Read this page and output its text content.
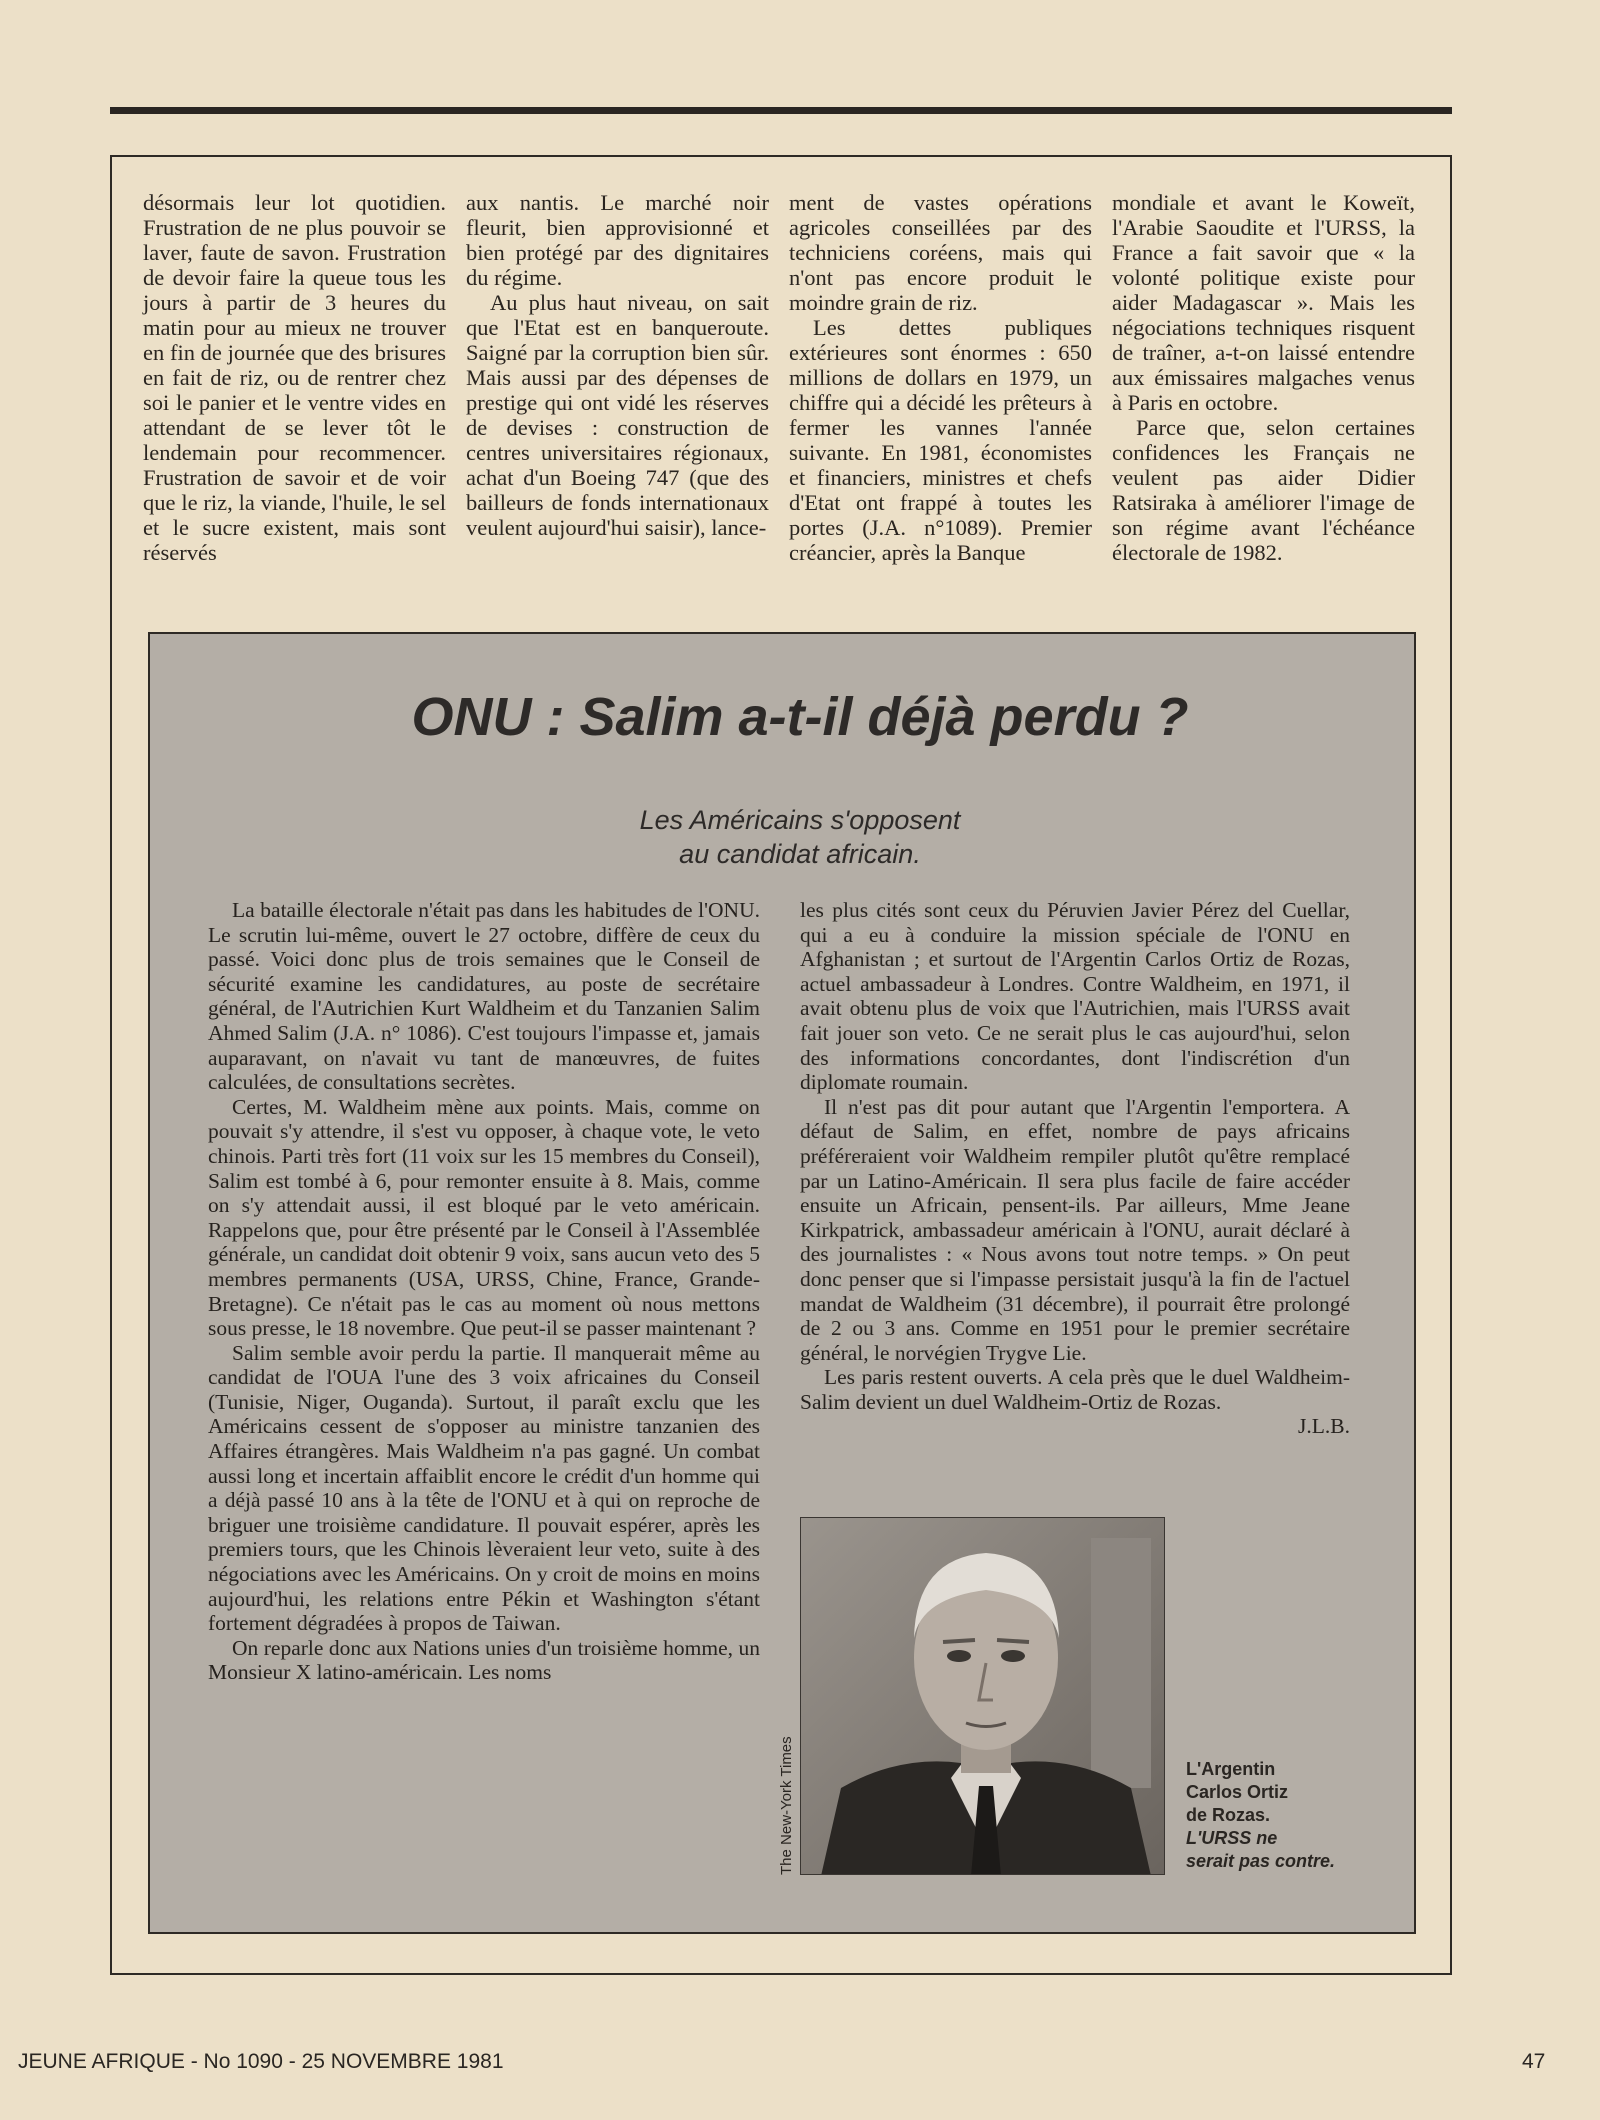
désormais leur lot quotidien. Frustration de ne plus pouvoir se laver, faute de savon. Frustration de devoir faire la queue tous les jours à partir de 3 heures du matin pour au mieux ne trouver en fin de journée que des brisures en fait de riz, ou de rentrer chez soi le panier et le ventre vides en attendant de se lever tôt le lendemain pour recommencer. Frustration de savoir et de voir que le riz, la viande, l'huile, le sel et le sucre existent, mais sont réservés

aux nantis. Le marché noir fleurit, bien approvisionné et bien protégé par des dignitaires du régime.

Au plus haut niveau, on sait que l'Etat est en banqueroute. Saigné par la corruption bien sûr. Mais aussi par des dépenses de prestige qui ont vidé les réserves de devises : construction de centres universitaires régionaux, achat d'un Boeing 747 (que des bailleurs de fonds internationaux veulent aujourd'hui saisir), lance-

ment de vastes opérations agricoles conseillées par des techniciens coréens, mais qui n'ont pas encore produit le moindre grain de riz.

Les dettes publiques extérieures sont énormes : 650 millions de dollars en 1979, un chiffre qui a décidé les prêteurs à fermer les vannes l'année suivante. En 1981, économistes et financiers, ministres et chefs d'Etat ont frappé à toutes les portes (J.A. n°1089). Premier créancier, après la Banque

mondiale et avant le Koweït, l'Arabie Saoudite et l'URSS, la France a fait savoir que « la volonté politique existe pour aider Madagascar ». Mais les négociations techniques risquent de traîner, a-t-on laissé entendre aux émissaires malgaches venus à Paris en octobre.

Parce que, selon certaines confidences les Français ne veulent pas aider Didier Ratsiraka à améliorer l'image de son régime avant l'échéance électorale de 1982.

ONU : Salim a-t-il déjà perdu ?
Les Américains s'opposent
au candidat africain.

La bataille électorale n'était pas dans les habitudes de l'ONU. Le scrutin lui-même, ouvert le 27 octobre, diffère de ceux du passé. Voici donc plus de trois semaines que le Conseil de sécurité examine les candidatures, au poste de secrétaire général, de l'Autrichien Kurt Waldheim et du Tanzanien Salim Ahmed Salim (J.A. n° 1086). C'est toujours l'impasse et, jamais auparavant, on n'avait vu tant de manœuvres, de fuites calculées, de consultations secrètes.

Certes, M. Waldheim mène aux points. Mais, comme on pouvait s'y attendre, il s'est vu opposer, à chaque vote, le veto chinois. Parti très fort (11 voix sur les 15 membres du Conseil), Salim est tombé à 6, pour remonter ensuite à 8. Mais, comme on s'y attendait aussi, il est bloqué par le veto américain. Rappelons que, pour être présenté par le Conseil à l'Assemblée générale, un candidat doit obtenir 9 voix, sans aucun veto des 5 membres permanents (USA, URSS, Chine, France, Grande-Bretagne). Ce n'était pas le cas au moment où nous mettons sous presse, le 18 novembre. Que peut-il se passer maintenant ?

Salim semble avoir perdu la partie. Il manquerait même au candidat de l'OUA l'une des 3 voix africaines du Conseil (Tunisie, Niger, Ouganda). Surtout, il paraît exclu que les Américains cessent de s'opposer au ministre tanzanien des Affaires étrangères. Mais Waldheim n'a pas gagné. Un combat aussi long et incertain affaiblit encore le crédit d'un homme qui a déjà passé 10 ans à la tête de l'ONU et à qui on reproche de briguer une troisième candidature. Il pouvait espérer, après les premiers tours, que les Chinois lèveraient leur veto, suite à des négociations avec les Américains. On y croit de moins en moins aujourd'hui, les relations entre Pékin et Washington s'étant fortement dégradées à propos de Taiwan.

On reparle donc aux Nations unies d'un troisième homme, un Monsieur X latino-américain. Les noms

les plus cités sont ceux du Péruvien Javier Pérez del Cuellar, qui a eu à conduire la mission spéciale de l'ONU en Afghanistan ; et surtout de l'Argentin Carlos Ortiz de Rozas, actuel ambassadeur à Londres. Contre Waldheim, en 1971, il avait obtenu plus de voix que l'Autrichien, mais l'URSS avait fait jouer son veto. Ce ne serait plus le cas aujourd'hui, selon des informations concordantes, dont l'indiscrétion d'un diplomate roumain.

Il n'est pas dit pour autant que l'Argentin l'emportera. A défaut de Salim, en effet, nombre de pays africains préféreraient voir Waldheim rempiler plutôt qu'être remplacé par un Latino-Américain. Il sera plus facile de faire accéder ensuite un Africain, pensent-ils. Par ailleurs, Mme Jeane Kirkpatrick, ambassadeur américain à l'ONU, aurait déclaré à des journalistes : « Nous avons tout notre temps. » On peut donc penser que si l'impasse persistait jusqu'à la fin de l'actuel mandat de Waldheim (31 décembre), il pourrait être prolongé de 2 ou 3 ans. Comme en 1951 pour le premier secrétaire général, le norvégien Trygve Lie.

Les paris restent ouverts. A cela près que le duel Waldheim-Salim devient un duel Waldheim-Ortiz de Rozas.

J.L.B.

The New-York Times	L'Argentin
Carlos Ortiz
de Rozas.
L'URSS ne
serait pas contre.
JEUNE AFRIQUE - No 1090 - 25 NOVEMBRE 1981	47
